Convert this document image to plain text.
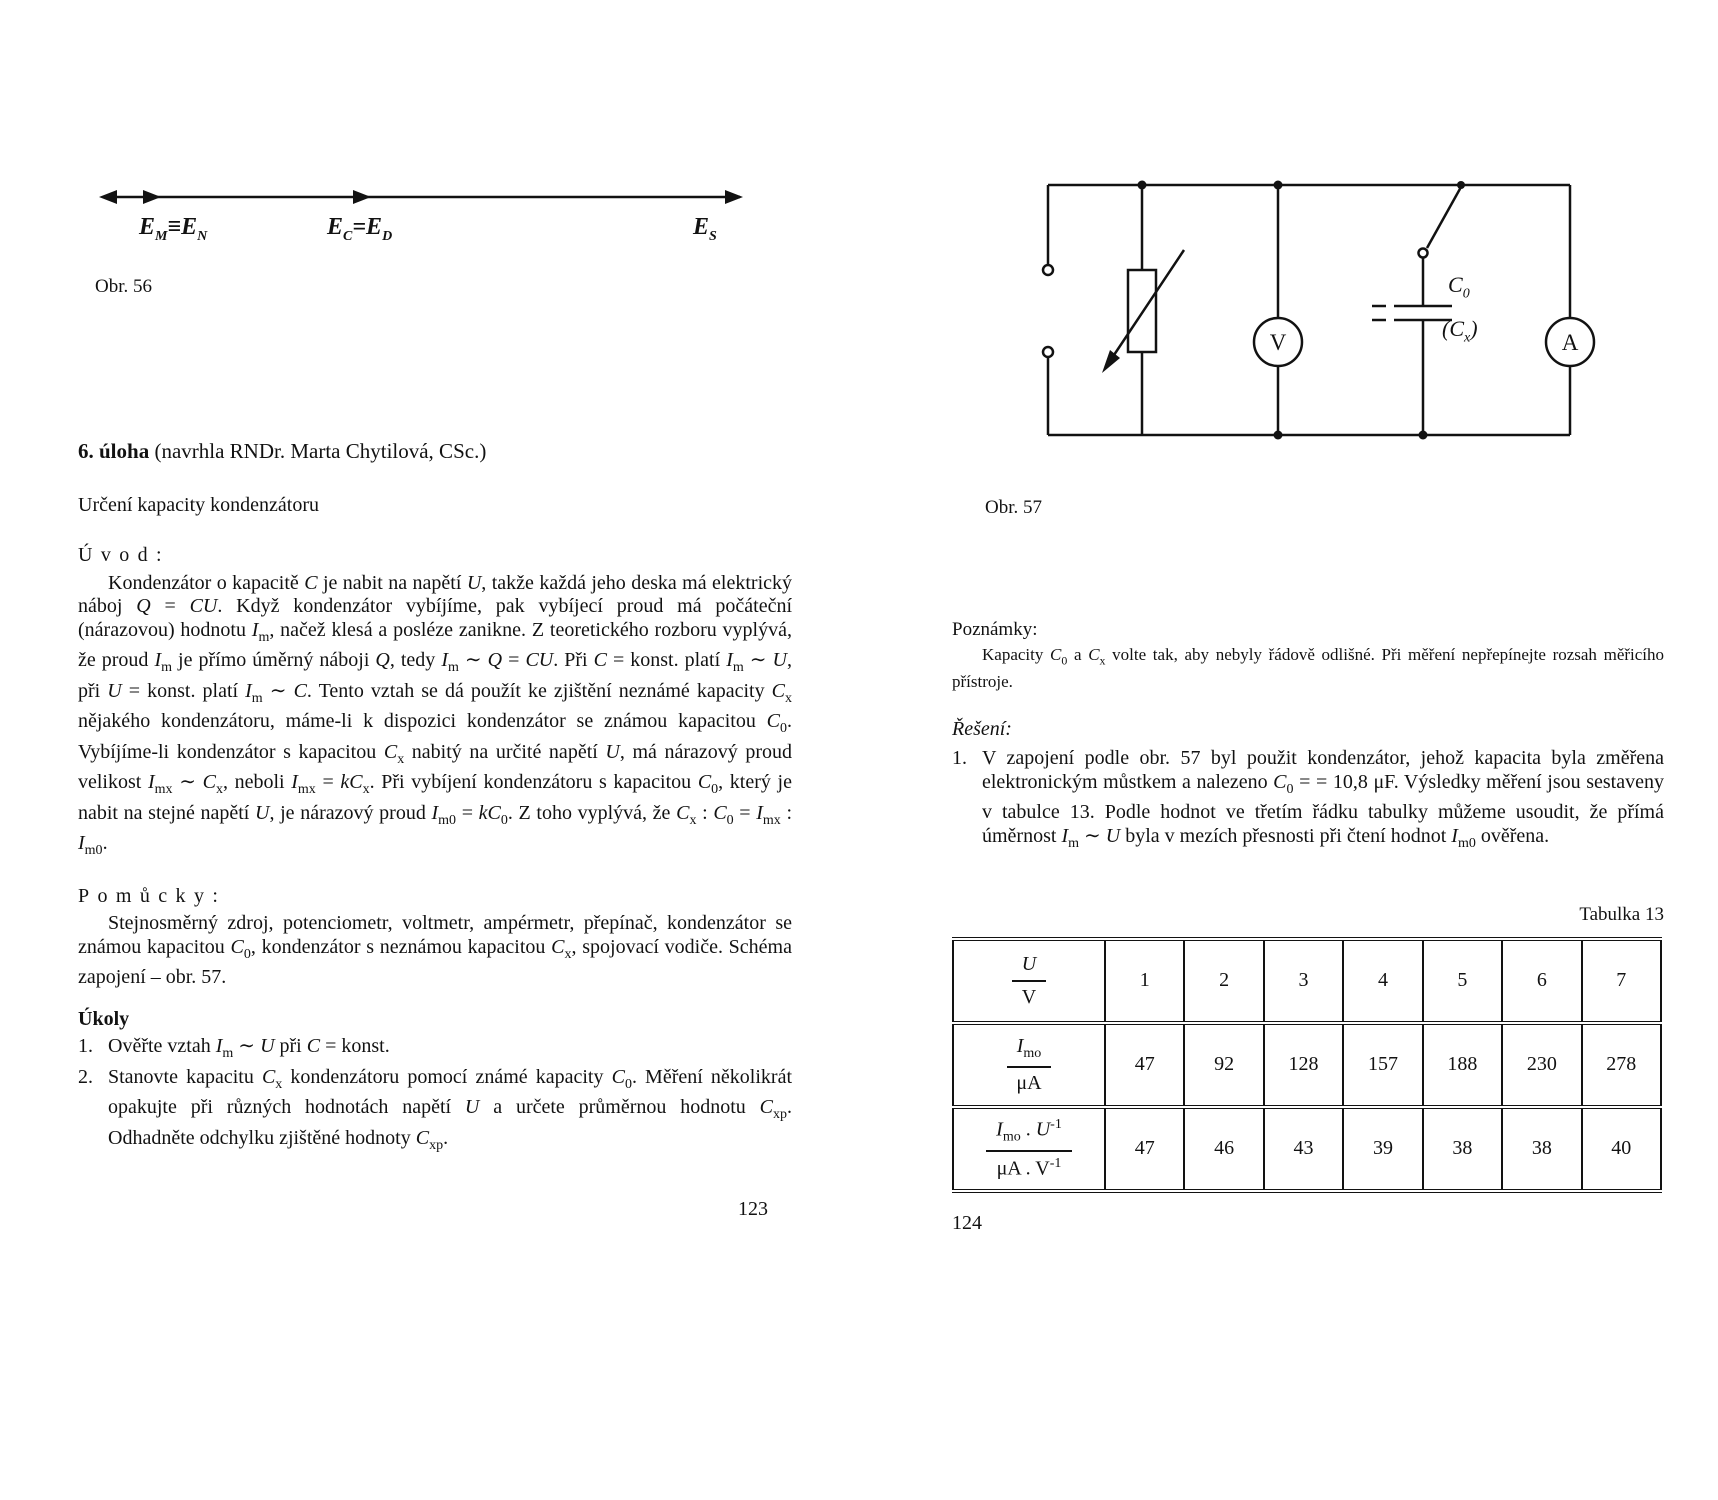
$E_M\equiv E_N$	$E_C=E_D$	$E_S$
Obr. 56

6. úloha (navrhla RNDr. Marta Chytilová, CSc.)

Určení kapacity kondenzátoru

Úvod:

Kondenzátor o kapacitě C je nabit na napětí U, takže každá jeho deska má elektrický náboj Q = CU. Když kondenzátor vybíjíme, pak vybíjecí proud má počáteční (nárazovou) hodnotu $I_m$, načež klesá a posléze zanikne. Z teoretického rozboru vyplývá, že proud $I_m$ je přímo úměrný náboji Q, tedy $I_m$ ∼ Q = CU. Při C = konst. platí $I_m$ ∼ U, při U = konst. platí $I_m$ ∼ C. Tento vztah se dá použít ke zjištění neznámé kapacity $C_x$ nějakého kondenzátoru, máme-li k dispozici kondenzátor se známou kapacitou $C_0$. Vybíjíme-li kondenzátor s kapacitou $C_x$ nabitý na určité napětí U, má nárazový proud velikost $I_{mx}$ ∼ $C_x$, neboli $I_{mx} = kC_x$. Při vybíjení kondenzátoru s kapacitou $C_0$, který je nabit na stejné napětí U, je nárazový proud $I_{m0} = kC_0$. Z toho vyplývá, že $C_x$ : $C_0 = I_{mx}$ : $I_{m0}$.

Pomůcky:

Stejnosměrný zdroj, potenciometr, voltmetr, ampérmetr, přepínač, kondenzátor se známou kapacitou $C_0$, kondenzátor s neznámou kapacitou $C_x$, spojovací vodiče. Schéma zapojení – obr. 57.

Úkoly

1. Ověřte vztah $I_m$ ∼ U při C = konst.
2. Stanovte kapacitu $C_x$ kondenzátoru pomocí známé kapacity $C_0$. Měření několikrát opakujte při různých hodnotách napětí U a určete průměrnou hodnotu $C_{xp}$. Odhadněte odchylku zjištěné hodnoty $C_{xp}$.
123
V	A
$C_0$
$(C_x)$
Obr. 57

Poznámky:

Kapacity $C_0$ a $C_x$ volte tak, aby nebyly řádově odlišné. Při měření nepřepínejte rozsah měřicího přístroje.

Řešení:

1. V zapojení podle obr. 57 byl použit kondenzátor, jehož kapacita byla změřena elektronickým můstkem a nalezeno $C_0$ = = 10,8 μF. Výsledky měření jsou sestaveny v tabulce 13. Podle hodnot ve třetím řádku tabulky můžeme usoudit, že přímá úměrnost $I_m$ ∼ U byla v mezích přesnosti při čtení hodnot $I_{m0}$ ověřena.

Tabulka 13

$\frac{U}{V}$	1	2	3	4	5	6	7

$\frac{I_{mo}}{\mu A}$	47	92	128	157	188	230	278

$\frac{I_{mo} . U^{-1}}{\mu A . V^{-1}}$	47	46	43	39	38	38	40
124
